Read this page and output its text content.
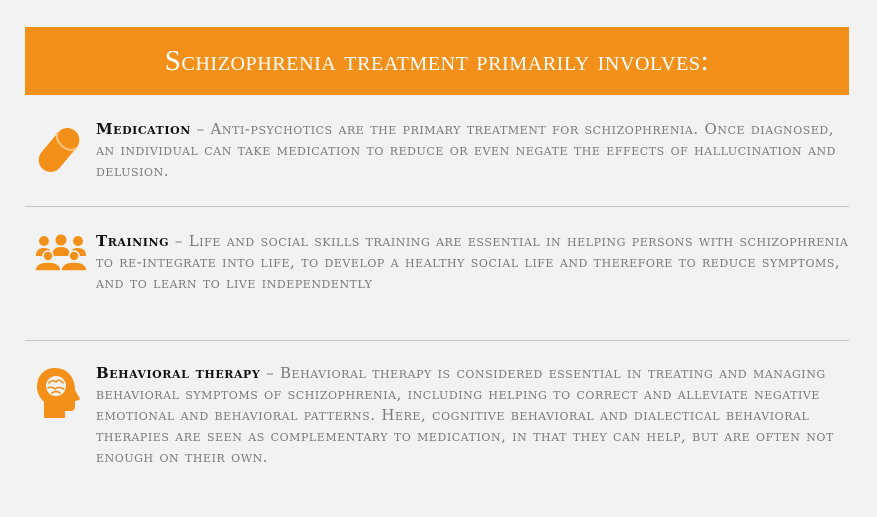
Schizophrenia treatment primarily involves:
Medication – Anti-psychotics are the primary treatment for schizophrenia. Once diagnosed, an individual can take medication to reduce or even negate the effects of hallucination and delusion.
Training – Life and social skills training are essential in helping persons with schizophrenia to re-integrate into life, to develop a healthy social life and therefore to reduce symptoms, and to learn to live independently
Behavioral therapy – Behavioral therapy is considered essential in treating and managing behavioral symptoms of schizophrenia, including helping to correct and alleviate negative emotional and behavioral patterns. Here, cognitive behavioral and dialectical behavioral therapies are seen as complementary to medication, in that they can help, but are often not enough on their own.
